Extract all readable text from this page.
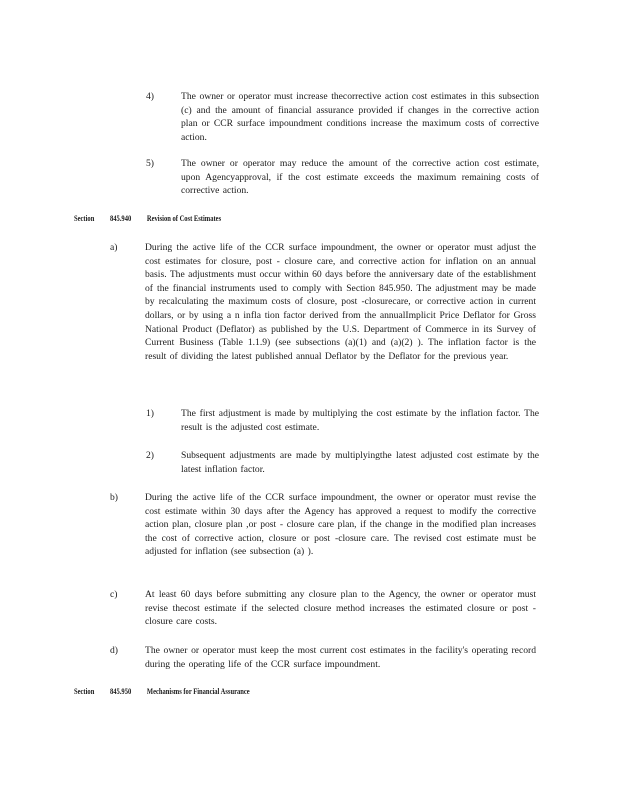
4)	The owner or operator must increase thecorrective action cost estimates in this subsection (c) and the amount of financial assurance provided if changes in the corrective action plan or CCR surface impoundment conditions increase the maximum costs of corrective action.
5)	The owner or operator may reduce the amount of the corrective action cost estimate, upon Agencyapproval, if the cost estimate exceeds the maximum remaining costs of corrective action.
Section 845.940 Revision of Cost Estimates
a)	During the active life of the CCR surface impoundment, the owner or operator must adjust the cost estimates for closure, post - closure care, and corrective action for inflation on an annual basis. The adjustments must occur within 60 days before the anniversary date of the establishment of the financial instruments used to comply with Section 845.950. The adjustment may be made by recalculating the maximum costs of closure, post -closurecare, or corrective action in current dollars, or by using a n infla tion factor derived from the annualImplicit Price Deflator for Gross National Product (Deflator) as published by the U.S. Department of Commerce in its Survey of Current Business (Table 1.1.9) (see subsections (a)(1) and (a)(2) ). The inflation factor is the result of dividing the latest published annual Deflator by the Deflator for the previous year.
1)	The first adjustment is made by multiplying the cost estimate by the inflation factor. The result is the adjusted cost estimate.
2)	Subsequent adjustments are made by multiplyingthe latest adjusted cost estimate by the latest inflation factor.
b)	During the active life of the CCR surface impoundment, the owner or operator must revise the cost estimate within 30 days after the Agency has approved a request to modify the corrective action plan, closure plan ,or post - closure care plan, if the change in the modified plan increases the cost of corrective action, closure or post -closure care. The revised cost estimate must be adjusted for inflation (see subsection (a) ).
c)	At least 60 days before submitting any closure plan to the Agency, the owner or operator must revise thecost estimate if the selected closure method increases the estimated closure or post -closure care costs.
d)	The owner or operator must keep the most current cost estimates in the facility's operating record during the operating life of the CCR surface impoundment.
Section 845.950 Mechanisms for Financial Assurance
